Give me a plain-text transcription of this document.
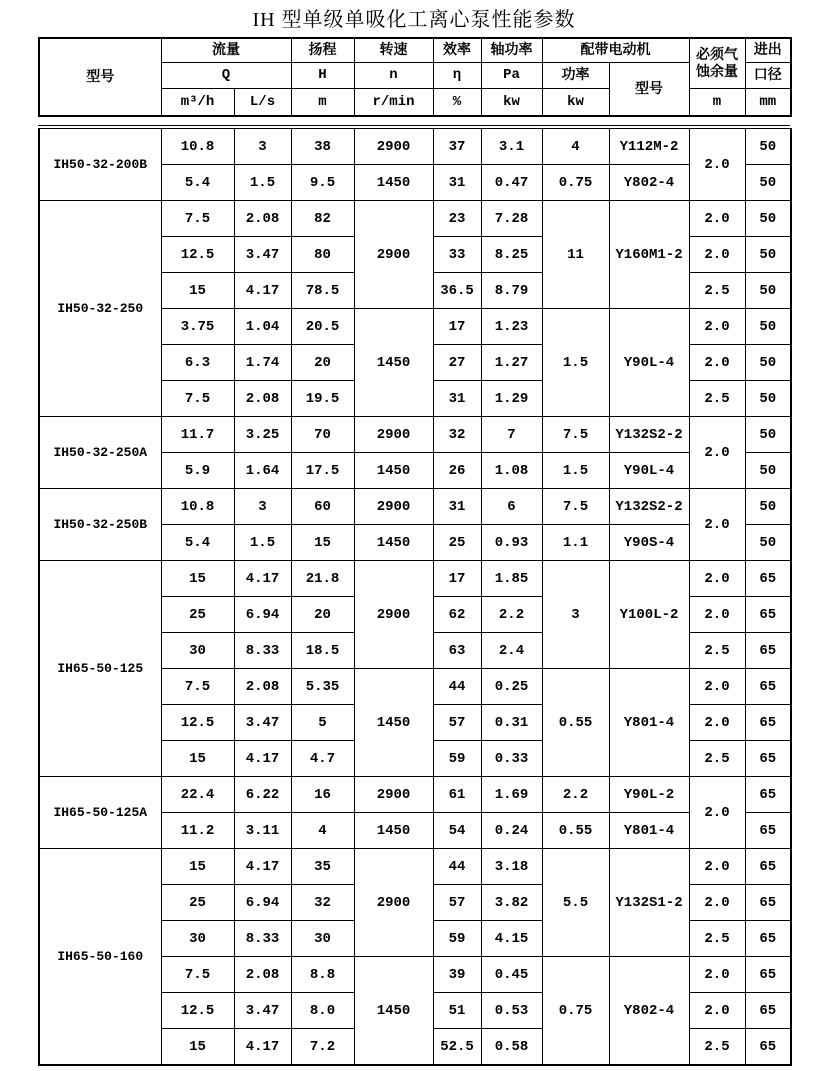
IH 型单级单吸化工离心泵性能参数
型号	流量		扬程	转速	效率	轴功率	配带电动机		必须气蚀余量	进出
	Q		H	n	η	Pa	功率	型号		口径
	m³/h	L/s	m	r/min	%	kw	kw		m	mm
IH50-32-200B	10.8	3	38	2900	37	3.1	4	Y112M-2	2.0	50
	5.4	1.5	9.5	1450	31	0.47	0.75	Y802-4		50
IH50-32-250	7.5	2.08	82	2900	23	7.28	11	Y160M1-2	2.0	50
	12.5	3.47	80		33	8.25			2.0	50
	15	4.17	78.5		36.5	8.79			2.5	50
	3.75	1.04	20.5	1450	17	1.23	1.5	Y90L-4	2.0	50
	6.3	1.74	20		27	1.27			2.0	50
	7.5	2.08	19.5		31	1.29			2.5	50
IH50-32-250A	11.7	3.25	70	2900	32	7	7.5	Y132S2-2	2.0	50
	5.9	1.64	17.5	1450	26	1.08	1.5	Y90L-4		50
IH50-32-250B	10.8	3	60	2900	31	6	7.5	Y132S2-2	2.0	50
	5.4	1.5	15	1450	25	0.93	1.1	Y90S-4		50
IH65-50-125	15	4.17	21.8	2900	17	1.85	3	Y100L-2	2.0	65
	25	6.94	20		62	2.2			2.0	65
	30	8.33	18.5		63	2.4			2.5	65
	7.5	2.08	5.35	1450	44	0.25	0.55	Y801-4	2.0	65
	12.5	3.47	5		57	0.31			2.0	65
	15	4.17	4.7		59	0.33			2.5	65
IH65-50-125A	22.4	6.22	16	2900	61	1.69	2.2	Y90L-2	2.0	65
	11.2	3.11	4	1450	54	0.24	0.55	Y801-4		65
IH65-50-160	15	4.17	35	2900	44	3.18	5.5	Y132S1-2	2.0	65
	25	6.94	32		57	3.82			2.0	65
	30	8.33	30		59	4.15			2.5	65
	7.5	2.08	8.8	1450	39	0.45	0.75	Y802-4	2.0	65
	12.5	3.47	8.0		51	0.53			2.0	65
	15	4.17	7.2		52.5	0.58			2.5	65
